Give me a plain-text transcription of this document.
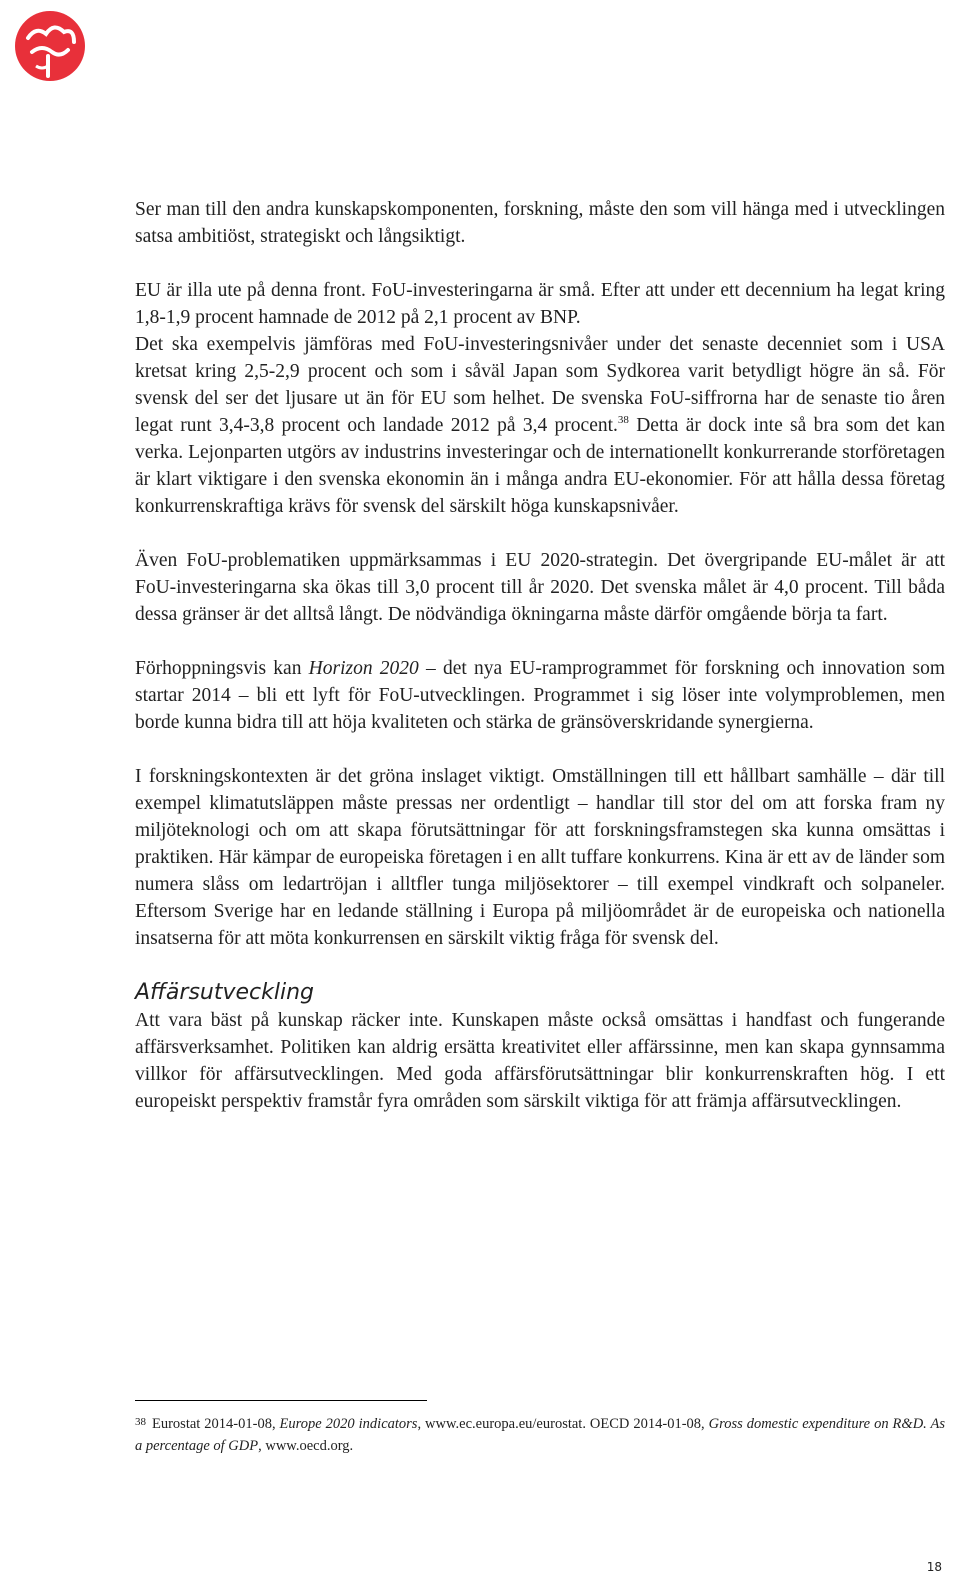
Ser man till den andra kunskapskomponenten, forskning, måste den som vill hänga med i utvecklingen satsa ambitiöst, strategiskt och långsiktigt.

EU är illa ute på denna front. FoU-investeringarna är små. Efter att under ett decennium ha legat kring 1,8-1,9 procent hamnade de 2012 på 2,1 procent av BNP.

Det ska exempelvis jämföras med FoU-investeringsnivåer under det senaste decenniet som i USA kretsat kring 2,5-2,9 procent och som i såväl Japan som Sydkorea varit betydligt högre än så. För svensk del ser det ljusare ut än för EU som helhet. De svenska FoU-siffrorna har de senaste tio åren legat runt 3,4-3,8 procent och landade 2012 på 3,4 procent.$^{38}$ Detta är dock inte så bra som det kan verka. Lejonparten utgörs av industrins investeringar och de internationellt konkurrerande storföretagen är klart viktigare i den svenska ekonomin än i många andra EU-ekonomier. För att hålla dessa företag konkurrenskraftiga krävs för svensk del särskilt höga kunskapsnivåer.

Även FoU-problematiken uppmärksammas i EU 2020-strategin. Det övergripande EU-målet är att FoU-investeringarna ska ökas till 3,0 procent till år 2020. Det svenska målet är 4,0 procent. Till båda dessa gränser är det alltså långt. De nödvändiga ökningarna måste därför omgående börja ta fart.

Förhoppningsvis kan Horizon 2020 – det nya EU-ramprogrammet för forskning och innovation som startar 2014 – bli ett lyft för FoU-utvecklingen. Programmet i sig löser inte volymproblemen, men borde kunna bidra till att höja kvaliteten och stärka de gränsöverskridande synergierna.

I forskningskontexten är det gröna inslaget viktigt. Omställningen till ett hållbart samhälle – där till exempel klimatutsläppen måste pressas ner ordentligt – handlar till stor del om att forska fram ny miljöteknologi och om att skapa förutsättningar för att forskningsframstegen ska kunna omsättas i praktiken. Här kämpar de europeiska företagen i en allt tuffare konkurrens. Kina är ett av de länder som numera slåss om ledartröjan i alltfler tunga miljösektorer – till exempel vindkraft och solpaneler. Eftersom Sverige har en ledande ställning i Europa på miljöområdet är de europeiska och nationella insatserna för att möta konkurrensen en särskilt viktig fråga för svensk del.

Affärsutveckling

Att vara bäst på kunskap räcker inte. Kunskapen måste också omsättas i handfast och fungerande affärsverksamhet. Politiken kan aldrig ersätta kreativitet eller affärssinne, men kan skapa gynnsamma villkor för affärsutvecklingen. Med goda affärsförutsättningar blir konkurrenskraften hög. I ett europeiskt perspektiv framstår fyra områden som särskilt viktiga för att främja affärsutvecklingen.

$^{38}$ Eurostat 2014-01-08, Europe 2020 indicators, www.ec.europa.eu/eurostat. OECD 2014-01-08, Gross domestic expenditure on R&D. As a percentage of GDP, www.oecd.org.
18
